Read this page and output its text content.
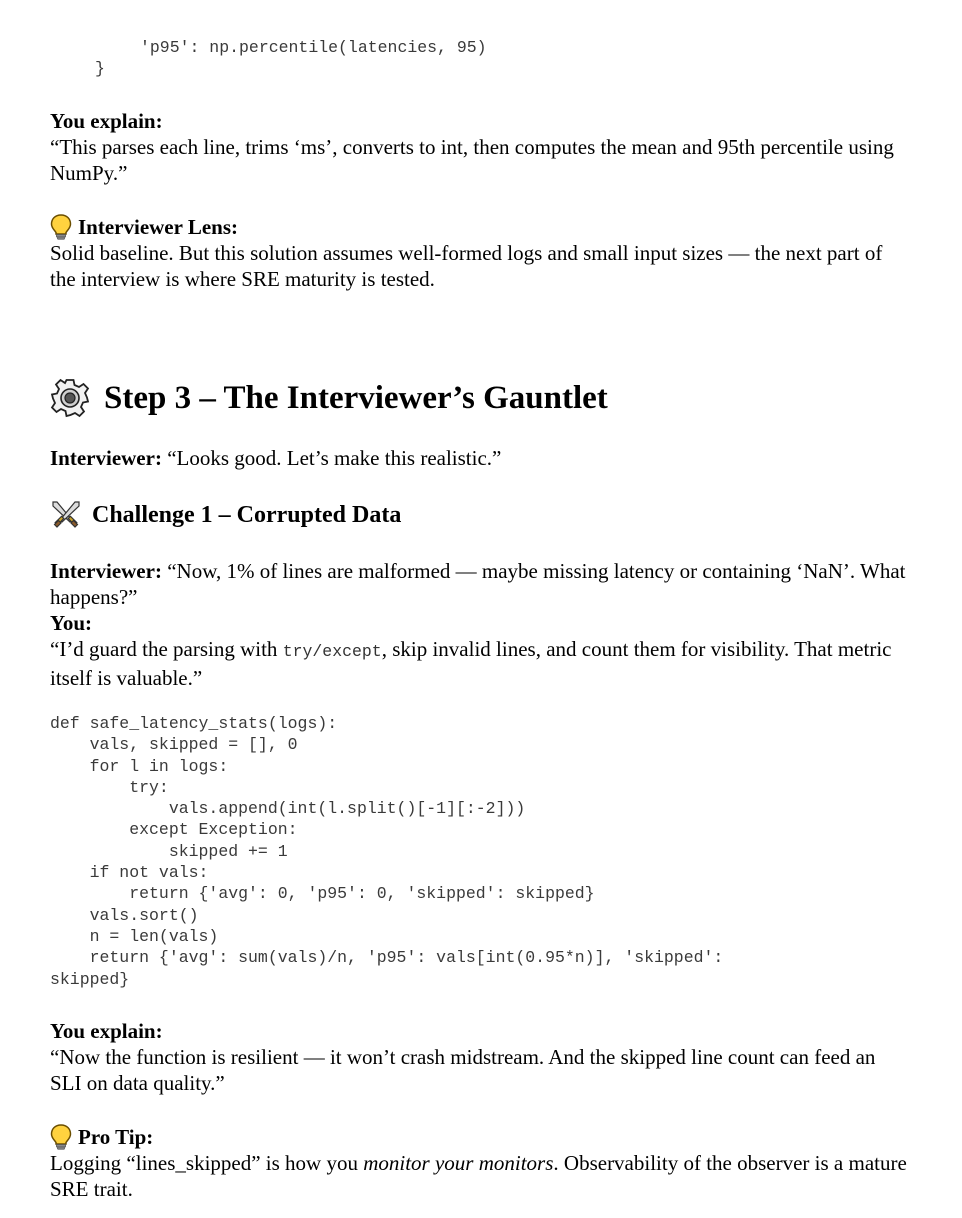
'p95': np.percentile(latencies, 95)
}

You explain:

“This parses each line, trims ‘ms’, converts to int, then computes the mean and 95th percentile using NumPy.”

Interviewer Lens:

Solid baseline. But this solution assumes well-formed logs and small input sizes — the next part of the interview is where SRE maturity is tested.

Step 3 – The Interviewer’s Gauntlet

Interviewer: “Looks good. Let’s make this realistic.”

Challenge 1 – Corrupted Data

Interviewer: “Now, 1% of lines are malformed — maybe missing latency or containing ‘NaN’. What happens?”

You:

“I’d guard the parsing with try/except, skip invalid lines, and count them for visibility. That metric itself is valuable.”

def safe_latency_stats(logs):
vals, skipped = [], 0
for l in logs:
try:
vals.append(int(l.split()[-1][:-2]))
except Exception:
skipped += 1
if not vals:
return {'avg': 0, 'p95': 0, 'skipped': skipped}
vals.sort()
n = len(vals)
return {'avg': sum(vals)/n, 'p95': vals[int(0.95*n)], 'skipped':
skipped}

You explain:

“Now the function is resilient — it won’t crash midstream. And the skipped line count can feed an SLI on data quality.”

Pro Tip:

Logging “lines_skipped” is how you monitor your monitors. Observability of the observer is a mature SRE trait.
